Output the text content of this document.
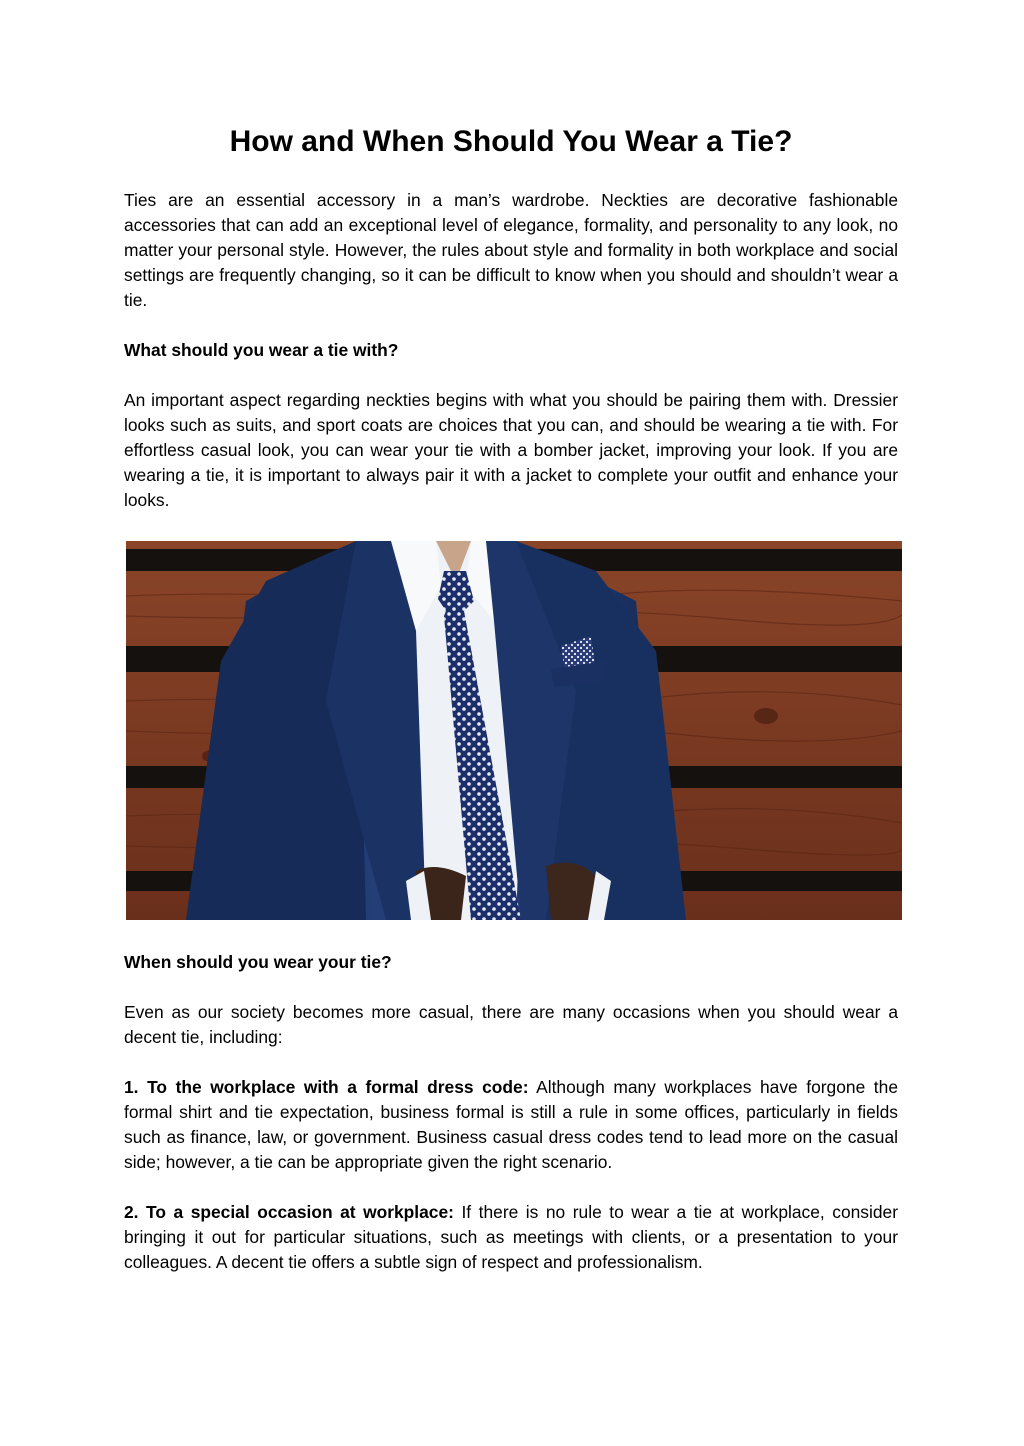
How and When Should You Wear a Tie?

Ties are an essential accessory in a man’s wardrobe. Neckties are decorative fashionable accessories that can add an exceptional level of elegance, formality, and personality to any look, no matter your personal style. However, the rules about style and formality in both workplace and social settings are frequently changing, so it can be difficult to know when you should and shouldn’t wear a tie.

What should you wear a tie with?

An important aspect regarding neckties begins with what you should be pairing them with. Dressier looks such as suits, and sport coats are choices that you can, and should be wearing a tie with. For effortless casual look, you can wear your tie with a bomber jacket, improving your look. If you are wearing a tie, it is important to always pair it with a jacket to complete your outfit and enhance your looks.

When should you wear your tie?

Even as our society becomes more casual, there are many occasions when you should wear a decent tie, including:

1. To the workplace with a formal dress code: Although many workplaces have forgone the formal shirt and tie expectation, business formal is still a rule in some offices, particularly in fields such as finance, law, or government. Business casual dress codes tend to lead more on the casual side; however, a tie can be appropriate given the right scenario.

2. To a special occasion at workplace: If there is no rule to wear a tie at workplace, consider bringing it out for particular situations, such as meetings with clients, or a presentation to your colleagues. A decent tie offers a subtle sign of respect and professionalism.
